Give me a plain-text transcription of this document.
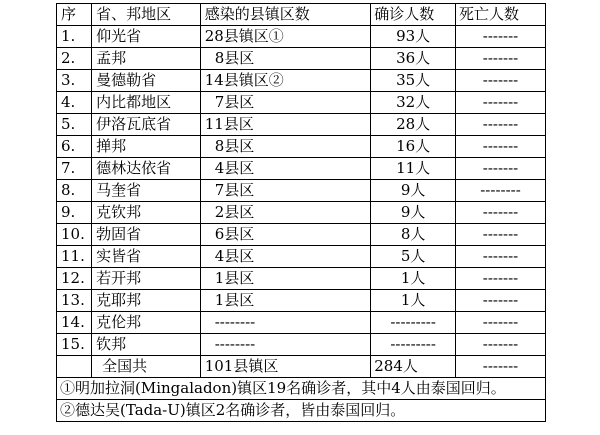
序	省、邦地区	感染的县镇区数	确诊人数	死亡人数
1.	仰光省	28县镇区①	93人	-------
2.	孟邦	8县区	36人	-------
3.	曼德勒省	14县镇区②	35人	-------
4.	内比都地区	7县区	32人	-------
5.	伊洛瓦底省	11县区	28人	-------
6.	掸邦	8县区	16人	-------
7.	德林达依省	4县区	11人	-------
8.	马奎省	7县区	9人	--------
9.	克钦邦	2县区	9人	-------
10.	勃固省	6县区	8人	-------
11.	实皆省	4县区	5人	-------
12.	若开邦	1县区	1人	-------
13.	克耶邦	1县区	1人	-------
14.	克伦邦	--------	---------	-------
15.	钦邦	--------	---------	-------
	全国共	101县镇区	284人	-------
①明加拉洞(Mingaladon)镇区19名确诊者，其中4人由泰国回归。				
②德达吴(Tada-U)镇区2名确诊者，皆由泰国回归。				
